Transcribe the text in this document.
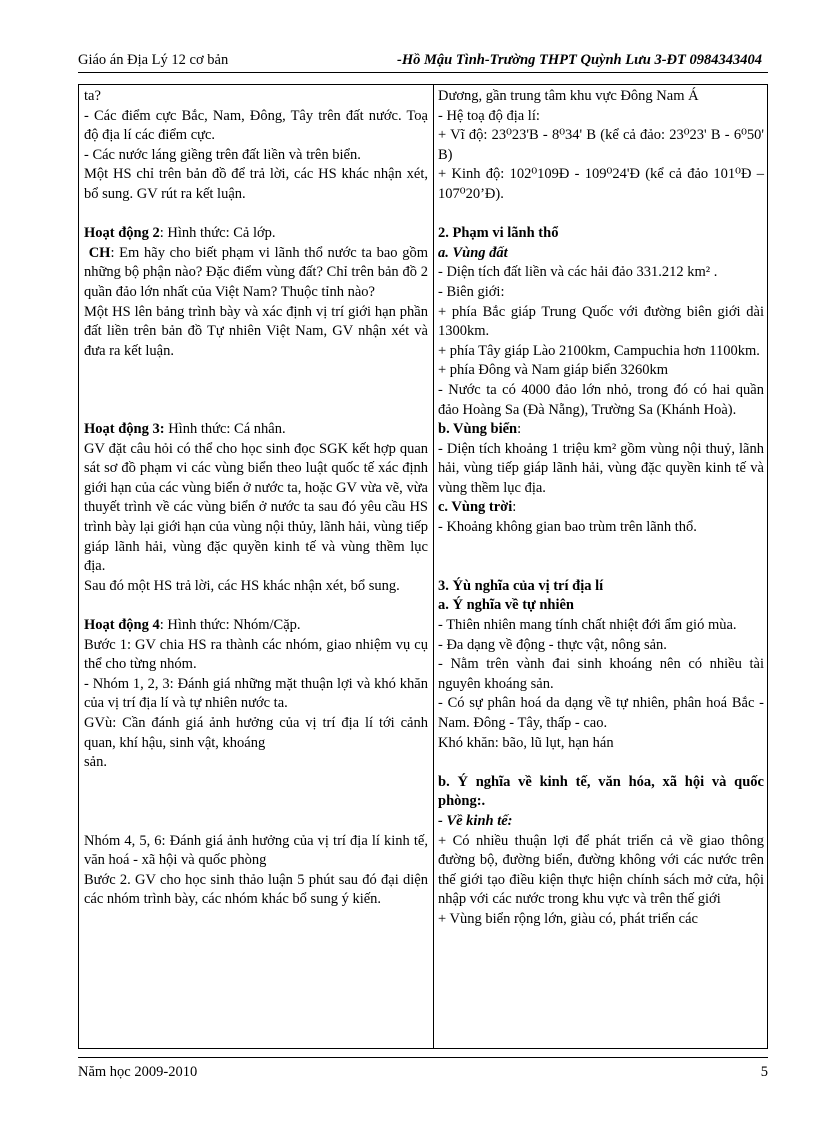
Giáo án Địa Lý 12 cơ bản	-Hồ Mậu Tình-Trường THPT Quỳnh Lưu 3-ĐT 0984343404

ta?

- Các điểm cực Bắc, Nam, Đông, Tây trên đất nước. Toạ độ địa lí các điểm cực.

- Các nước láng giềng trên đất liền và trên biển.

Một HS chỉ trên bản đồ để trả lời, các HS khác nhận xét, bổ sung. GV rút ra kết luận.

Hoạt động 2: Hình thức: Cả lớp.

CH: Em hãy cho biết phạm vi lãnh thổ nước ta bao gồm những bộ phận nào? Đặc điểm vùng đất? Chỉ trên bản đồ 2 quần đảo lớn nhất của Việt Nam? Thuộc tỉnh nào?

Một HS lên bảng trình bày và xác định vị trí giới hạn phần đất liền trên bản đồ Tự nhiên Việt Nam, GV nhận xét và đưa ra kết luận.

Hoạt động 3: Hình thức: Cá nhân.

GV đặt câu hỏi có thể cho học sinh đọc SGK kết hợp quan sát sơ đồ phạm vi các vùng biển theo luật quốc tế xác định giới hạn của các vùng biển ở nước ta, hoặc GV vừa vẽ, vừa thuyết trình về các vùng biển ở nước ta sau đó yêu cầu HS trình bày lại giới hạn của vùng nội thủy, lãnh hải, vùng tiếp giáp lãnh hải, vùng đặc quyền kinh tế và vùng thềm lục địa.

Sau đó một HS trả lời, các HS khác nhận xét, bổ sung.

Hoạt động 4: Hình thức: Nhóm/Cặp.

Bước 1: GV chia HS ra thành các nhóm, giao nhiệm vụ cụ thể cho từng nhóm.

- Nhóm 1, 2, 3: Đánh giá những mặt thuận lợi và khó khăn của vị trí địa lí và tự nhiên nước ta.

GVù: Cần đánh giá ảnh hưởng của vị trí địa lí tới cảnh quan, khí hậu, sinh vật, khoáng

sản.

Nhóm 4, 5, 6: Đánh giá ảnh hưởng của vị trí địa lí kinh tế, văn hoá - xã hội và quốc phòng

Bước 2. GV cho học sinh thảo luận 5 phút sau đó đại diện các nhóm trình bày, các nhóm khác bổ sung ý kiến.

Dương, gần trung tâm khu vực Đông Nam Á

- Hệ toạ độ địa lí:

+ Vĩ độ: 23⁰23'B - 8⁰34' B (kể cả đảo: 23⁰23' B - 6⁰50' B)

+ Kinh độ: 102⁰109Đ - 109⁰24'Đ (kể cả đảo 101⁰Đ – 107⁰20’Đ).

2. Phạm vi lãnh thổ

a. Vùng đất

- Diện tích đất liền và các hải đảo 331.212 km² .

- Biên giới:

+ phía Bắc giáp Trung Quốc với đường biên giới dài 1300km.

+ phía Tây giáp Lào 2100km, Campuchia hơn 1100km.

+ phía Đông và Nam giáp biển 3260km

- Nước ta có 4000 đảo lớn nhỏ, trong đó có hai quần đảo Hoàng Sa (Đà Nẵng), Trường Sa (Khánh Hoà).

b. Vùng biển:

- Diện tích khoảng 1 triệu km² gồm vùng nội thuỷ, lãnh hải, vùng tiếp giáp lãnh hải, vùng đặc quyền kinh tế và vùng thềm lục địa.

c. Vùng trời:

- Khoảng không gian bao trùm trên lãnh thổ.

3. Ýù nghĩa của vị trí địa lí

a. Ý nghĩa về tự nhiên

- Thiên nhiên mang tính chất nhiệt đới ẩm gió mùa.

- Đa dạng về động - thực vật, nông sản.

- Nằm trên vành đai sinh khoáng nên có nhiều tài nguyên khoáng sản.

- Có sự phân hoá da dạng về tự nhiên, phân hoá Bắc - Nam. Đông - Tây, thấp - cao.

Khó khăn: bão, lũ lụt, hạn hán

b. Ý nghĩa về kinh tế, văn hóa, xã hội và quốc phòng:.

- Về kinh tế:

+ Có nhiều thuận lợi để phát triển cả về giao thông đường bộ, đường biển, đường không với các nước trên thế giới tạo điều kiện thực hiện chính sách mở cửa, hội nhập với các nước trong khu vực và trên thế giới

+ Vùng biển rộng lớn, giàu có, phát triển các

Năm học 2009-2010	5
